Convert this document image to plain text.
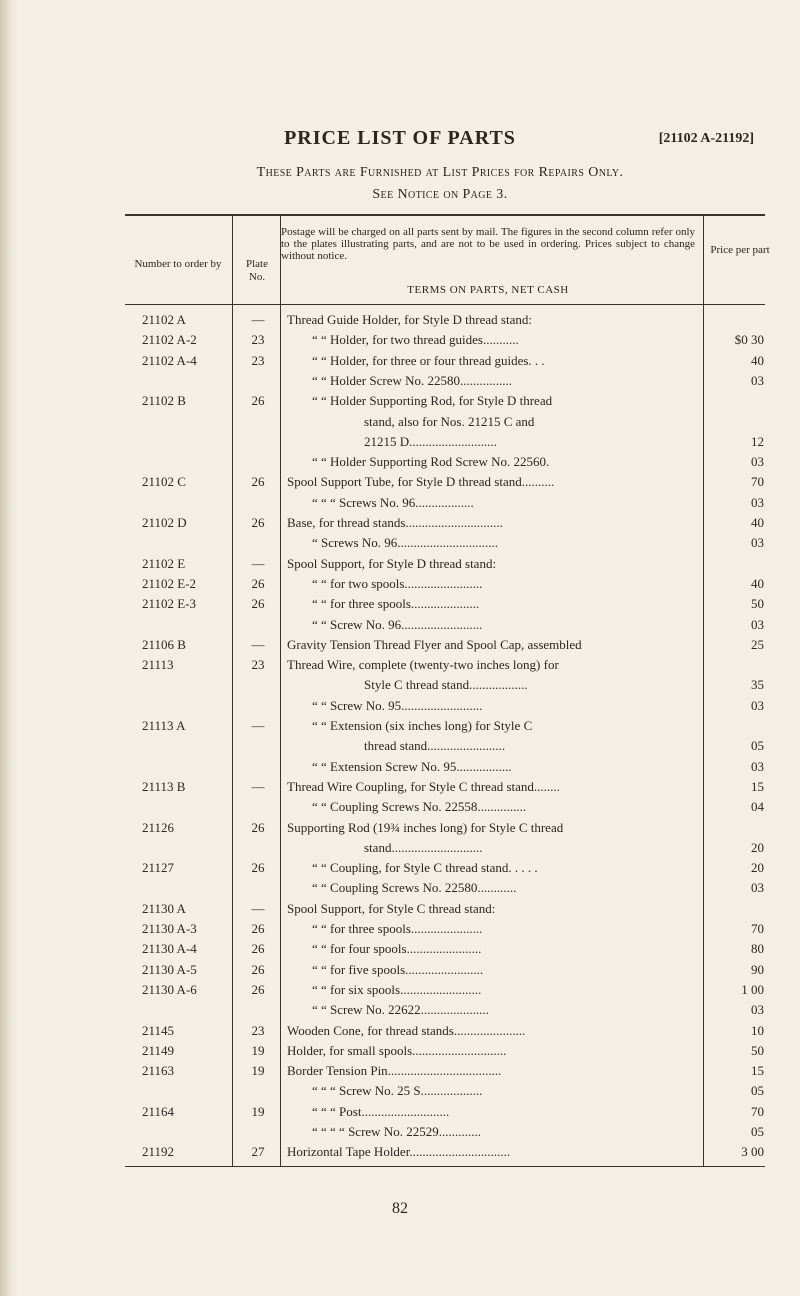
PRICE LIST OF PARTS	[21102 A-21192]
These Parts are Furnished at List Prices for Repairs Only.
See Notice on Page 3.
Number to order by	Plate No.
Postage will be charged on all parts sent by mail. The figures in the second column refer only to the plates illustrating parts, and are not to be used in ordering. Prices subject to change without notice.
TERMS ON PARTS, NET CASH
Price per part
21102 A	—	Thread Guide Holder, for Style D thread stand:
21102 A-2	23	“ “ Holder, for two thread guides...........	$0 30
21102 A-4	23	“ “ Holder, for three or four thread guides. . .	40
“ “ Holder Screw No. 22580................	03
21102 B	26	“ “ Holder Supporting Rod, for Style D thread
stand, also for Nos. 21215 C and
21215 D...........................	12
“ “ Holder Supporting Rod Screw No. 22560.	03
21102 C	26	Spool Support Tube, for Style D thread stand..........	70
“ “ “ Screws No. 96..................	03
21102 D	26	Base, for thread stands..............................	40
“ Screws No. 96...............................	03
21102 E	—	Spool Support, for Style D thread stand:
21102 E-2	26	“ “ for two spools........................	40
21102 E-3	26	“ “ for three spools.....................	50
“ “ Screw No. 96.........................	03
21106 B	—	Gravity Tension Thread Flyer and Spool Cap, assembled	25
21113	23	Thread Wire, complete (twenty-two inches long) for
Style C thread stand..................	35
“ “ Screw No. 95.........................	03
21113 A	—	“ “ Extension (six inches long) for Style C
thread stand........................	05
“ “ Extension Screw No. 95.................	03
21113 B	—	Thread Wire Coupling, for Style C thread stand........	15
“ “ Coupling Screws No. 22558...............	04
21126	26	Supporting Rod (19¾ inches long) for Style C thread
stand............................	20
21127	26	“ “ Coupling, for Style C thread stand. . . . .	20
“ “ Coupling Screws No. 22580............	03
21130 A	—	Spool Support, for Style C thread stand:
21130 A-3	26	“ “ for three spools......................	70
21130 A-4	26	“ “ for four spools.......................	80
21130 A-5	26	“ “ for five spools........................	90
21130 A-6	26	“ “ for six spools.........................	1 00
“ “ Screw No. 22622.....................	03
21145	23	Wooden Cone, for thread stands......................	10
21149	19	Holder, for small spools.............................	50
21163	19	Border Tension Pin...................................	15
“ “ “ Screw No. 25 S...................	05
21164	19	“ “ “ Post...........................	70
“ “ “ “ Screw No. 22529.............	05
21192	27	Horizontal Tape Holder...............................	3 00
82
